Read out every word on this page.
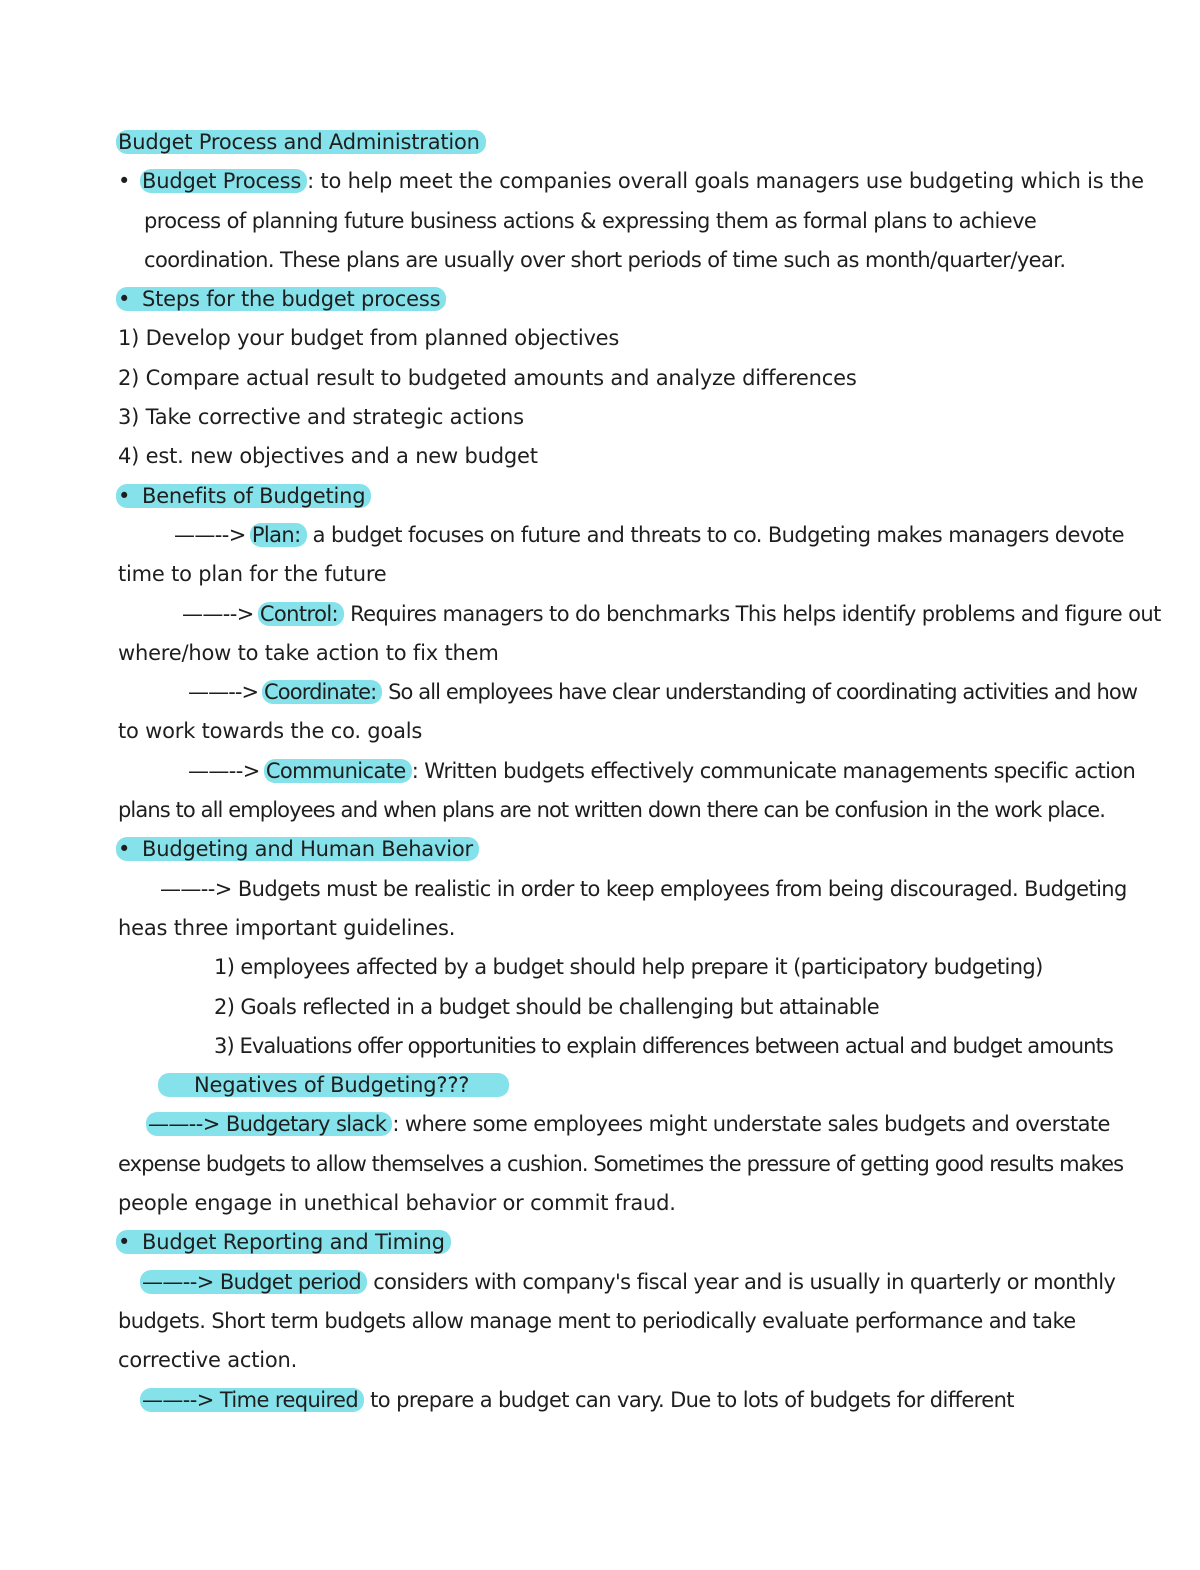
Budget Process and Administration
• Budget Process : to help meet the companies overall goals managers use budgeting which is the
process of planning future business actions & expressing them as formal plans to achieve
coordination. These plans are usually over short periods of time such as month/quarter/year.
• Steps for the budget process
1) Develop your budget from planned objectives
2) Compare actual result to budgeted amounts and analyze differences
3) Take corrective and strategic actions
4) est. new objectives and a new budget
• Benefits of Budgeting
——--> Plan: a budget focuses on future and threats to co. Budgeting makes managers devote
time to plan for the future
——--> Control: Requires managers to do benchmarks This helps identify problems and figure out
where/how to take action to fix them
——--> Coordinate: So all employees have clear understanding of coordinating activities and how
to work towards the co. goals
——--> Communicate : Written budgets effectively communicate managements specific action
plans to all employees and when plans are not written down there can be confusion in the work place.
• Budgeting and Human Behavior
——--> Budgets must be realistic in order to keep employees from being discouraged. Budgeting
heas three important guidelines.
1) employees affected by a budget should help prepare it (participatory budgeting)
2) Goals reflected in a budget should be challenging but attainable
3) Evaluations offer opportunities to explain differences between actual and budget amounts
Negatives of Budgeting???
——--> Budgetary slack : where some employees might understate sales budgets and overstate
expense budgets to allow themselves a cushion. Sometimes the pressure of getting good results makes
people engage in unethical behavior or commit fraud.
• Budget Reporting and Timing
——--> Budget period considers with company's fiscal year and is usually in quarterly or monthly
budgets. Short term budgets allow manage ment to periodically evaluate performance and take
corrective action.
——--> Time required to prepare a budget can vary. Due to lots of budgets for different
